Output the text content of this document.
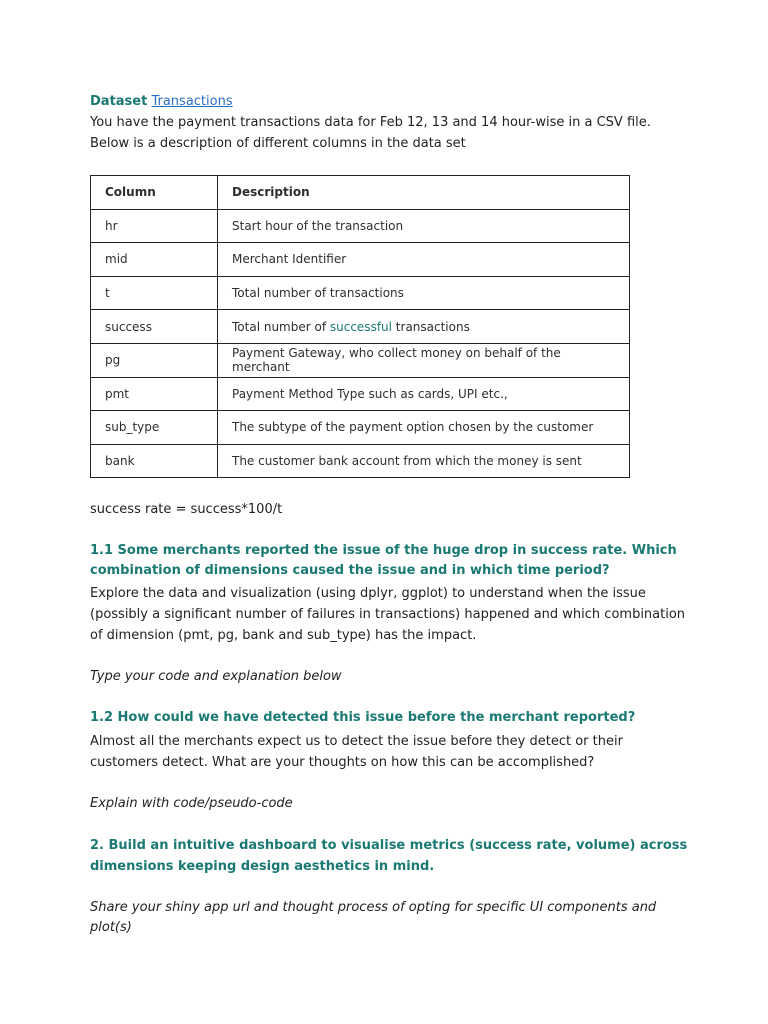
Dataset Transactions

You have the payment transactions data for Feb 12, 13 and 14 hour-wise in a CSV file. Below is a description of different columns in the data set

Column	Description
hr	Start hour of the transaction
mid	Merchant Identifier
t	Total number of transactions
success	Total number of successful transactions
pg	Payment Gateway, who collect money on behalf of the merchant
pmt	Payment Method Type such as cards, UPI etc.,
sub_type	The subtype of the payment option chosen by the customer
bank	The customer bank account from which the money is sent

success rate = success*100/t

1.1 Some merchants reported the issue of the huge drop in success rate. Which combination of dimensions caused the issue and in which time period?

Explore the data and visualization (using dplyr, ggplot) to understand when the issue (possibly a significant number of failures in transactions) happened and which combination of dimension (pmt, pg, bank and sub_type) has the impact.

Type your code and explanation below

1.2 How could we have detected this issue before the merchant reported?

Almost all the merchants expect us to detect the issue before they detect or their customers detect. What are your thoughts on how this can be accomplished?

Explain with code/pseudo-code

2. Build an intuitive dashboard to visualise metrics (success rate, volume) across dimensions keeping design aesthetics in mind.

Share your shiny app url and thought process of opting for specific UI components and plot(s)
